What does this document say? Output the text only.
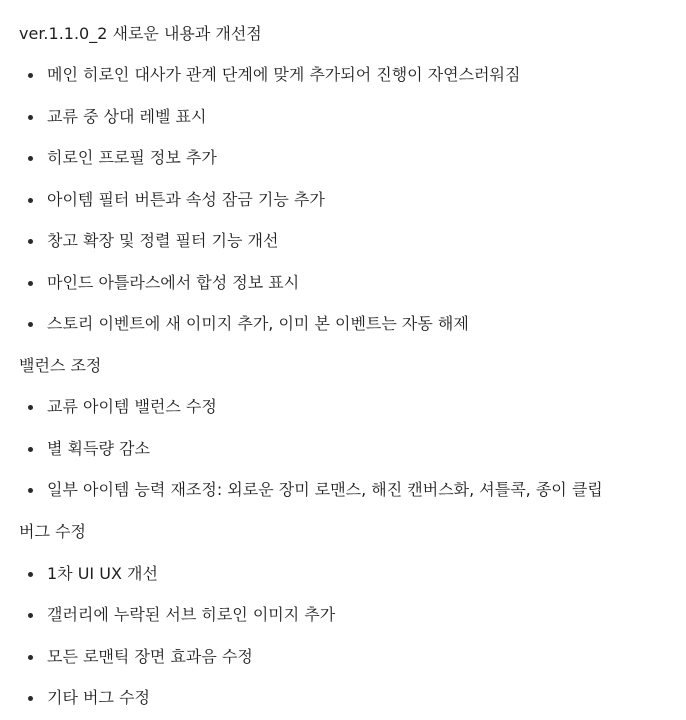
ver.1.1.0_2 새로운 내용과 개선점
메인 히로인 대사가 관계 단계에 맞게 추가되어 진행이 자연스러워짐
교류 중 상대 레벨 표시
히로인 프로필 정보 추가
아이템 필터 버튼과 속성 잠금 기능 추가
창고 확장 및 정렬 필터 기능 개선
마인드 아틀라스에서 합성 정보 표시
스토리 이벤트에 새 이미지 추가, 이미 본 이벤트는 자동 해제
밸런스 조정
교류 아이템 밸런스 수정
별 획득량 감소
일부 아이템 능력 재조정: 외로운 장미 로맨스, 해진 캔버스화, 셔틀콕, 종이 클립
버그 수정
1차 UI UX 개선
갤러리에 누락된 서브 히로인 이미지 추가
모든 로맨틱 장면 효과음 수정
기타 버그 수정
